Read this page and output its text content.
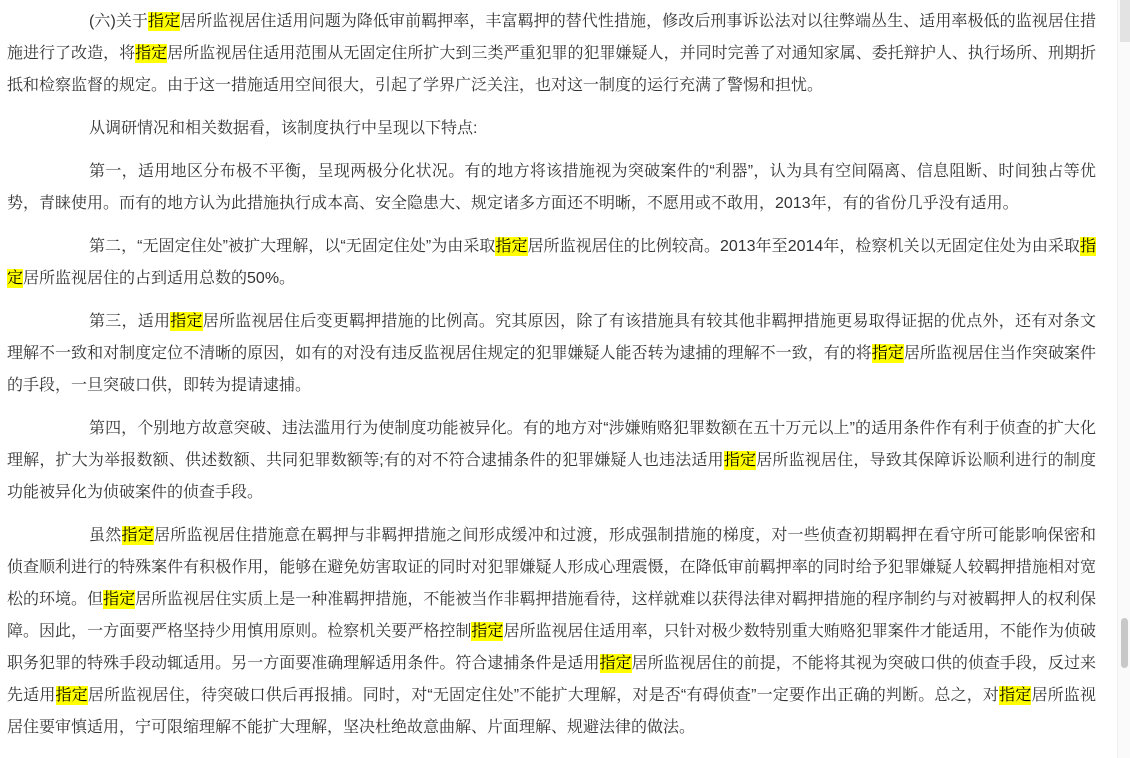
(六)关于指定居所监视居住适用问题为降低审前羁押率，丰富羁押的替代性措施，修改后刑事诉讼法对以往弊端丛生、适用率极低的监视居住措施进行了改造，将指定居所监视居住适用范围从无固定住所扩大到三类严重犯罪的犯罪嫌疑人，并同时完善了对通知家属、委托辩护人、执行场所、刑期折抵和检察监督的规定。由于这一措施适用空间很大，引起了学界广泛关注，也对这一制度的运行充满了警惕和担忧。

从调研情况和相关数据看，该制度执行中呈现以下特点:

第一，适用地区分布极不平衡，呈现两极分化状况。有的地方将该措施视为突破案件的“利器”，认为具有空间隔离、信息阻断、时间独占等优势，青睐使用。而有的地方认为此措施执行成本高、安全隐患大、规定诸多方面还不明晰，不愿用或不敢用，2013年，有的省份几乎没有适用。

第二，“无固定住处”被扩大理解，以“无固定住处”为由采取指定居所监视居住的比例较高。2013年至2014年，检察机关以无固定住处为由采取指定居所监视居住的占到适用总数的50%。

第三，适用指定居所监视居住后变更羁押措施的比例高。究其原因，除了有该措施具有较其他非羁押措施更易取得证据的优点外，还有对条文理解不一致和对制度定位不清晰的原因，如有的对没有违反监视居住规定的犯罪嫌疑人能否转为逮捕的理解不一致，有的将指定居所监视居住当作突破案件的手段，一旦突破口供，即转为提请逮捕。

第四，个别地方故意突破、违法滥用行为使制度功能被异化。有的地方对“涉嫌贿赂犯罪数额在五十万元以上”的适用条件作有利于侦查的扩大化理解，扩大为举报数额、供述数额、共同犯罪数额等;有的对不符合逮捕条件的犯罪嫌疑人也违法适用指定居所监视居住，导致其保障诉讼顺利进行的制度功能被异化为侦破案件的侦查手段。

虽然指定居所监视居住措施意在羁押与非羁押措施之间形成缓冲和过渡，形成强制措施的梯度，对一些侦查初期羁押在看守所可能影响保密和侦查顺利进行的特殊案件有积极作用，能够在避免妨害取证的同时对犯罪嫌疑人形成心理震慑，在降低审前羁押率的同时给予犯罪嫌疑人较羁押措施相对宽松的环境。但指定居所监视居住实质上是一种准羁押措施，不能被当作非羁押措施看待，这样就难以获得法律对羁押措施的程序制约与对被羁押人的权利保障。因此，一方面要严格坚持少用慎用原则。检察机关要严格控制指定居所监视居住适用率，只针对极少数特别重大贿赂犯罪案件才能适用，不能作为侦破职务犯罪的特殊手段动辄适用。另一方面要准确理解适用条件。符合逮捕条件是适用指定居所监视居住的前提，不能将其视为突破口供的侦查手段，反过来先适用指定居所监视居住，待突破口供后再报捕。同时，对“无固定住处”不能扩大理解，对是否“有碍侦查”一定要作出正确的判断。总之，对指定居所监视居住要审慎适用，宁可限缩理解不能扩大理解，坚决杜绝故意曲解、片面理解、规避法律的做法。
